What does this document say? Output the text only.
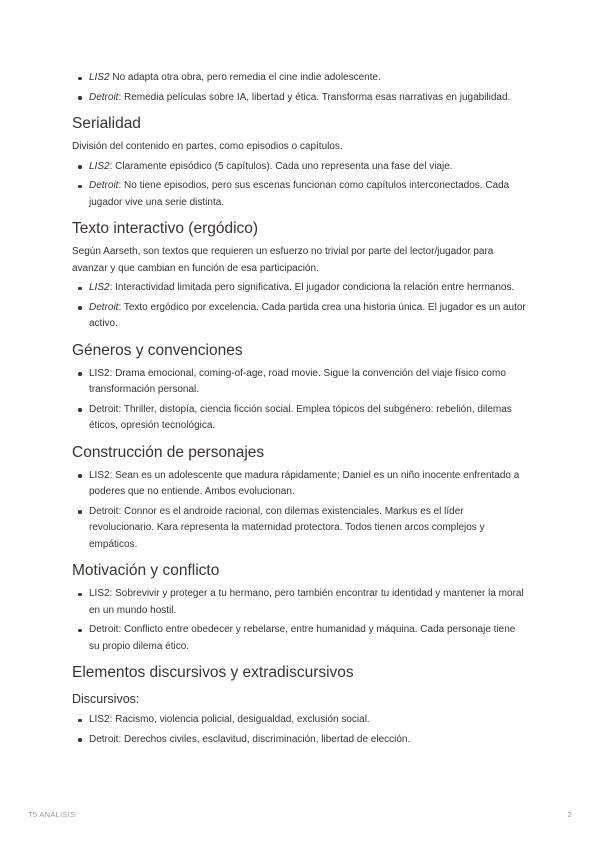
LIS2 No adapta otra obra, pero remedia el cine indie adolescente.
Detroit: Remedia películas sobre IA, libertad y ética. Transforma esas narrativas en jugabilidad.
Serialidad

División del contenido en partes, como episodios o capítulos.

LIS2: Claramente episódico (5 capítulos). Cada uno representa una fase del viaje.
Detroit: No tiene episodios, pero sus escenas funcionan como capítulos interconectados. Cada jugador vive una serie distinta.
Texto interactivo (ergódico)

Según Aarseth, son textos que requieren un esfuerzo no trivial por parte del lector/jugador para avanzar y que cambian en función de esa participación.

LIS2: Interactividad limitada pero significativa. El jugador condiciona la relación entre hermanos.
Detroit: Texto ergódico por excelencia. Cada partida crea una historia única. El jugador es un autor activo.
Géneros y convenciones
LIS2: Drama emocional, coming-of-age, road movie. Sigue la convención del viaje físico como transformación personal.
Detroit: Thriller, distopía, ciencia ficción social. Emplea tópicos del subgénero: rebelión, dilemas éticos, opresión tecnológica.
Construcción de personajes
LIS2: Sean es un adolescente que madura rápidamente; Daniel es un niño inocente enfrentado a poderes que no entiende. Ambos evolucionan.
Detroit: Connor es el androide racional, con dilemas existenciales. Markus es el líder revolucionario. Kara representa la maternidad protectora. Todos tienen arcos complejos y empáticos.
Motivación y conflicto
LIS2: Sobrevivir y proteger a tu hermano, pero también encontrar tu identidad y mantener la moral en un mundo hostil.
Detroit: Conflicto entre obedecer y rebelarse, entre humanidad y máquina. Cada personaje tiene su propio dilema ético.
Elementos discursivos y extradiscursivos
Discursivos:
LIS2: Racismo, violencia policial, desigualdad, exclusión social.
Detroit: Derechos civiles, esclavitud, discriminación, libertad de elección.
T5 ANÁLISIS	2
